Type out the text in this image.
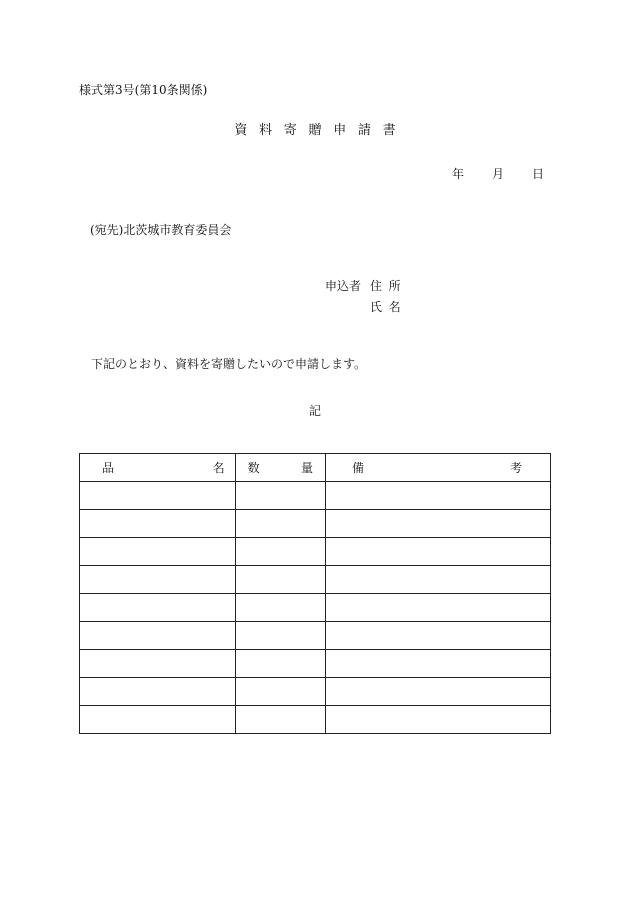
様式第3号(第10条関係)
資料寄贈申請書
年 月 日
(宛先)北茨城市教育委員会
申込者 住所
氏名
下記のとおり、資料を寄贈したいので申請します。
記
品 名	数 量	備 考
